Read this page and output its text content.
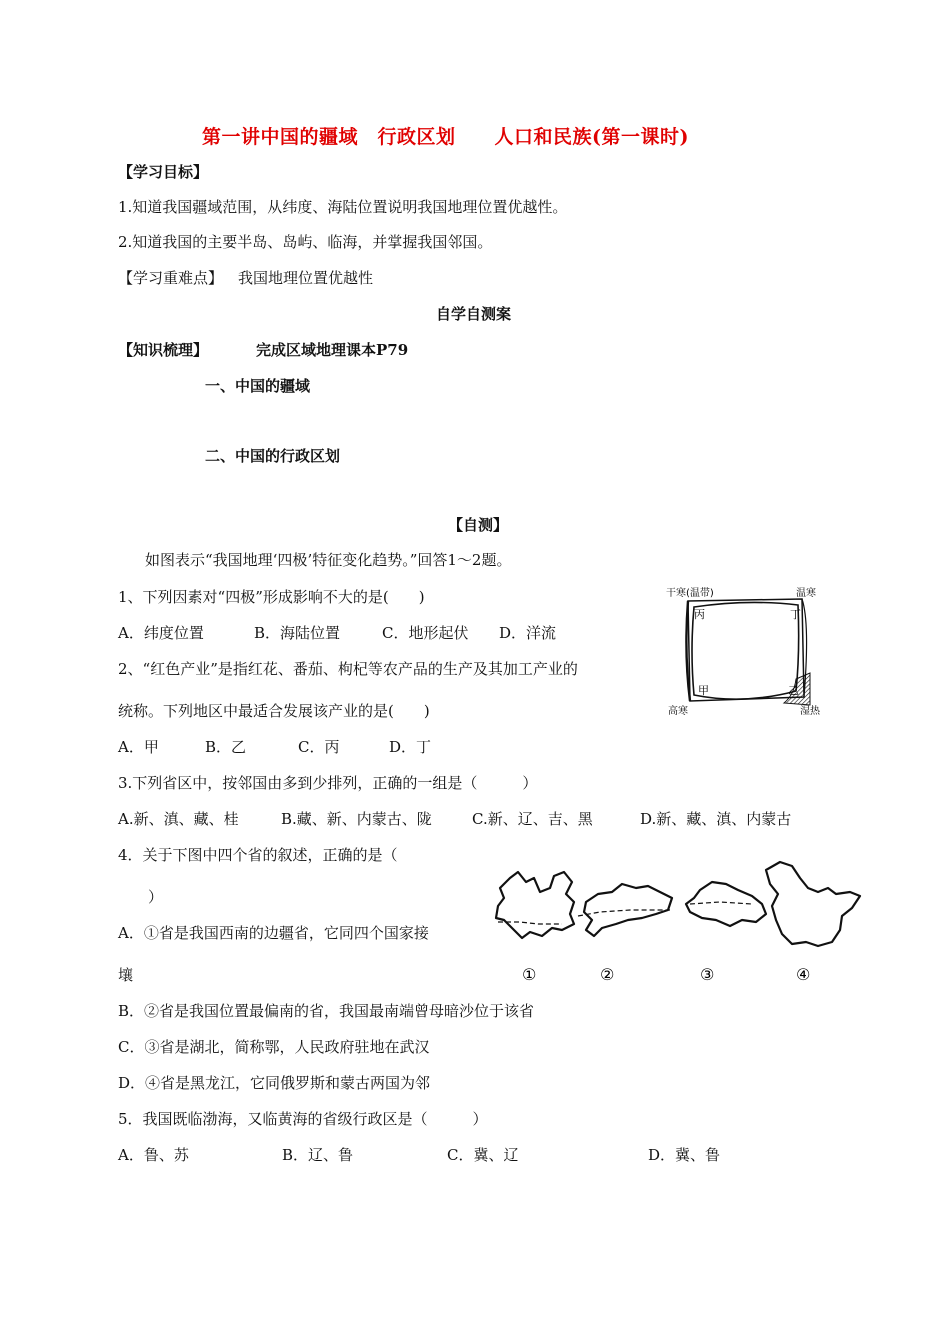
第一讲中国的疆域　行政区划　　人口和民族(第一课时)
【学习目标】
1.知道我国疆域范围，从纬度、海陆位置说明我国地理位置优越性。
2.知道我国的主要半岛、岛屿、临海，并掌握我国邻国。
【学习重难点】 我国地理位置优越性
自学自测案
【知识梳理】	完成区域地理课本P79
一、中国的疆域
二、中国的行政区划
【自测】
如图表示“我国地理‘四极’特征变化趋势。”回答1～2题。
1、下列因素对“四极”形成影响不大的是(　　)
A．纬度位置	B．海陆位置	C．地形起伏 D．洋流
2、“红色产业”是指红花、番茄、枸杞等农产品的生产及其加工产业的
统称。下列地区中最适合发展该产业的是(　　)
A．甲	B．乙	C．丙	D．丁
3.下列省区中，按邻国由多到少排列，正确的一组是（　　　）
A.新、滇、藏、桂	B.藏、新、内蒙古、陇	C.新、辽、吉、黑	D.新、藏、滇、内蒙古
4．关于下图中四个省的叙述，正确的是（
）
A．①省是我国西南的边疆省，它同四个国家接
壤
B．②省是我国位置最偏南的省，我国最南端曾母暗沙位于该省
C．③省是湖北，简称鄂，人民政府驻地在武汉
D．④省是黑龙江，它同俄罗斯和蒙古两国为邻
5．我国既临渤海，又临黄海的省级行政区是（　　　）
A．鲁、苏	B．辽、鲁	C．冀、辽	D．冀、鲁
干寒(温带)	温寒
高寒	湿热
丙	丁
甲	乙
①	②	③	④
